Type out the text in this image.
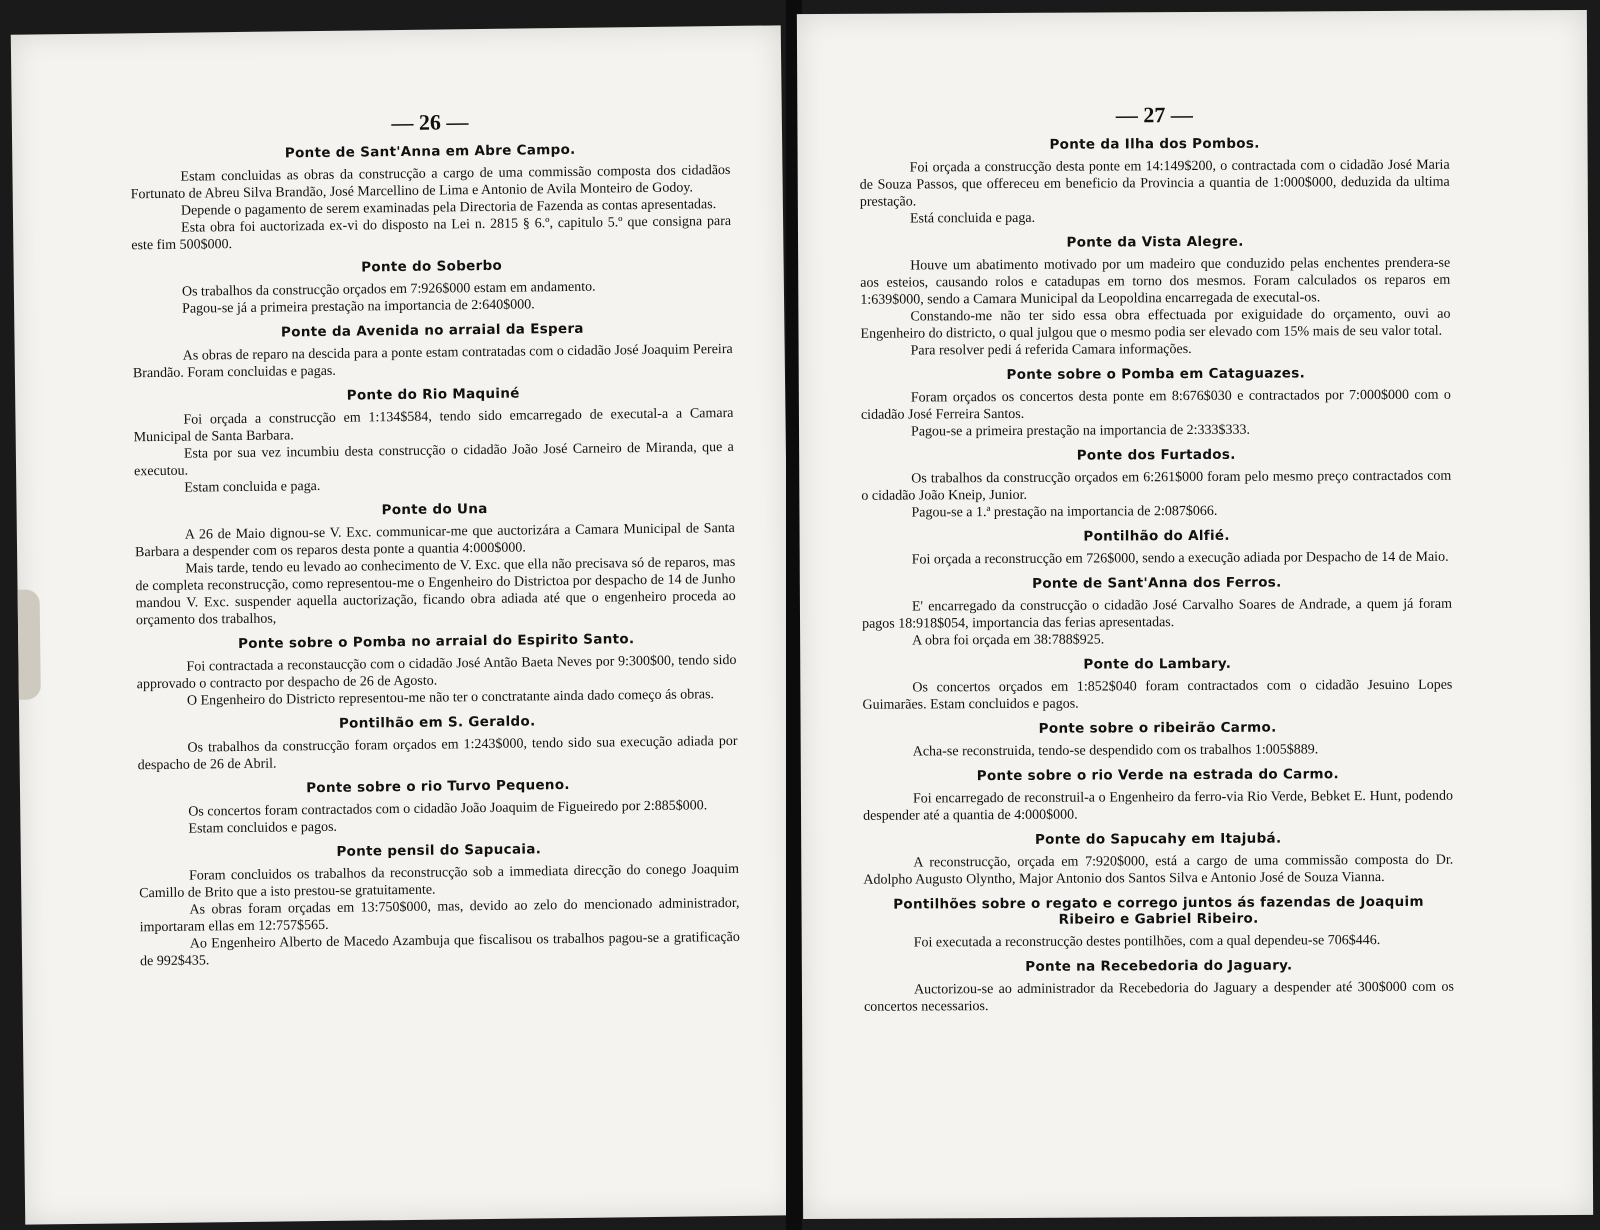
— 26 —
Ponte de Sant'Anna em Abre Campo.

Estam concluidas as obras da construcção a cargo de uma commissão composta dos cidadãos Fortunato de Abreu Silva Brandão, José Marcellino de Lima e Antonio de Avila Monteiro de Godoy.

Depende o pagamento de serem examinadas pela Directoria de Fazenda as contas apresentadas.

Esta obra foi auctorizada ex-vi do disposto na Lei n. 2815 § 6.º, capitulo 5.º que consigna para este fim 500$000.

Ponte do Soberbo

Os trabalhos da construcção orçados em 7:926$000 estam em andamento.

Pagou-se já a primeira prestação na importancia de 2:640$000.

Ponte da Avenida no arraial da Espera

As obras de reparo na descida para a ponte estam contratadas com o cidadão José Joaquim Pereira Brandão. Foram concluidas e pagas.

Ponte do Rio Maquiné

Foi orçada a construcção em 1:134$584, tendo sido emcarregado de executal-a a Camara Municipal de Santa Barbara.

Esta por sua vez incumbiu desta construcção o cidadão João José Carneiro de Miranda, que a executou.

Estam concluida e paga.

Ponte do Una

A 26 de Maio dignou-se V. Exc. communicar-me que auctorizára a Camara Municipal de Santa Barbara a despender com os reparos desta ponte a quantia 4:000$000.

Mais tarde, tendo eu levado ao conhecimento de V. Exc. que ella não precisava só de reparos, mas de completa reconstrucção, como representou-me o Engenheiro do Districtoa por despacho de 14 de Junho mandou V. Exc. suspender aquella auctorização, ficando obra adiada até que o engenheiro proceda ao orçamento dos trabalhos,

Ponte sobre o Pomba no arraial do Espirito Santo.

Foi contractada a reconstaucção com o cidadão José Antão Baeta Neves por 9:300$00, tendo sido approvado o contracto por despacho de 26 de Agosto.

O Engenheiro do Districto representou-me não ter o conctratante ainda dado começo ás obras.

Pontilhão em S. Geraldo.

Os trabalhos da construcção foram orçados em 1:243$000, tendo sido sua execução adiada por despacho de 26 de Abril.

Ponte sobre o rio Turvo Pequeno.

Os concertos foram contractados com o cidadão João Joaquim de Figueiredo por 2:885$000.

Estam concluidos e pagos.

Ponte pensil do Sapucaia.

Foram concluidos os trabalhos da reconstrucção sob a immediata direcção do conego Joaquim Camillo de Brito que a isto prestou-se gratuitamente.

As obras foram orçadas em 13:750$000, mas, devido ao zelo do mencionado administrador, importaram ellas em 12:757$565.

Ao Engenheiro Alberto de Macedo Azambuja que fiscalisou os trabalhos pagou-se a gratificação de 992$435.

— 27 —
Ponte da Ilha dos Pombos.

Foi orçada a construcção desta ponte em 14:149$200, o contractada com o cidadão José Maria de Souza Passos, que offereceu em beneficio da Provincia a quantia de 1:000$000, deduzida da ultima prestação.

Está concluida e paga.

Ponte da Vista Alegre.

Houve um abatimento motivado por um madeiro que conduzido pelas enchentes prendera-se aos esteios, causando rolos e catadupas em torno dos mesmos. Foram calculados os reparos em 1:639$000, sendo a Camara Municipal da Leopoldina encarregada de executal-os.

Constando-me não ter sido essa obra effectuada por exiguidade do orçamento, ouvi ao Engenheiro do districto, o qual julgou que o mesmo podia ser elevado com 15% mais de seu valor total.

Para resolver pedi á referida Camara informações.

Ponte sobre o Pomba em Cataguazes.

Foram orçados os concertos desta ponte em 8:676$030 e contractados por 7:000$000 com o cidadão José Ferreira Santos.

Pagou-se a primeira prestação na importancia de 2:333$333.

Ponte dos Furtados.

Os trabalhos da construcção orçados em 6:261$000 foram pelo mesmo preço contractados com o cidadão João Kneip, Junior.

Pagou-se a 1.ª prestação na importancia de 2:087$066.

Pontilhão do Alfié.

Foi orçada a reconstrucção em 726$000, sendo a execução adiada por Despacho de 14 de Maio.

Ponte de Sant'Anna dos Ferros.

E' encarregado da construcção o cidadão José Carvalho Soares de Andrade, a quem já foram pagos 18:918$054, importancia das ferias apresentadas.

A obra foi orçada em 38:788$925.

Ponte do Lambary.

Os concertos orçados em 1:852$040 foram contractados com o cidadão Jesuino Lopes Guimarães. Estam concluidos e pagos.

Ponte sobre o ribeirão Carmo.

Acha-se reconstruida, tendo-se despendido com os trabalhos 1:005$889.

Ponte sobre o rio Verde na estrada do Carmo.

Foi encarregado de reconstruil-a o Engenheiro da ferro-via Rio Verde, Bebket E. Hunt, podendo despender até a quantia de 4:000$000.

Ponte do Sapucahy em Itajubá.

A reconstrucção, orçada em 7:920$000, está a cargo de uma commissão composta do Dr. Adolpho Augusto Olyntho, Major Antonio dos Santos Silva e Antonio José de Souza Vianna.

Pontilhões sobre o regato e corrego juntos ás fazendas de Joaquim Ribeiro e Gabriel Ribeiro.

Foi executada a reconstrucção destes pontilhões, com a qual dependeu-se 706$446.

Ponte na Recebedoria do Jaguary.

Auctorizou-se ao administrador da Recebedoria do Jaguary a despender até 300$000 com os concertos necessarios.
